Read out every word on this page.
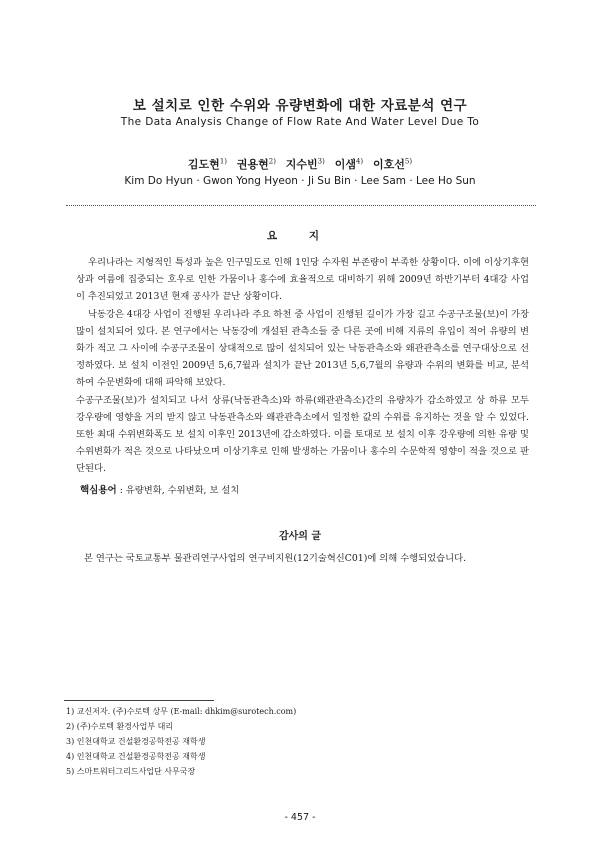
보 설치로 인한 수위와 유량변화에 대한 자료분석 연구
The Data Analysis Change of Flow Rate And Water Level Due To
김도현$^{1)}$ 권용현$^{2)}$ 지수빈$^{3)}$ 이샘$^{4)}$ 이호선$^{5)}$
Kim Do Hyun · Gwon Yong Hyeon · Ji Su Bin · Lee Sam · Lee Ho Sun
요 지

우리나라는 지형적인 특성과 높은 인구밀도로 인해 1인당 수자원 부존량이 부족한 상황이다. 이에 이상기후현상과 여름에 집중되는 호우로 인한 가뭄이나 홍수에 효율적으로 대비하기 위해 2009년 하반기부터 4대강 사업이 추진되었고 2013년 현재 공사가 끝난 상황이다.

낙동강은 4대강 사업이 진행된 우리나라 주요 하천 중 사업이 진행된 길이가 가장 길고 수공구조물(보)이 가장 많이 설치되어 있다. 본 연구에서는 낙동강에 개설된 관측소들 중 다른 곳에 비해 지류의 유입이 적어 유량의 변화가 적고 그 사이에 수공구조물이 상대적으로 많이 설치되어 있는 낙동관측소와 왜관관측소를 연구대상으로 선정하였다. 보 설치 이전인 2009년 5,6,7월과 설치가 끝난 2013년 5,6,7월의 유량과 수위의 변화를 비교, 분석하여 수문변화에 대해 파악해 보았다.

수공구조물(보)가 설치되고 나서 상류(낙동관측소)와 하류(왜관관측소)간의 유량차가 감소하였고 상 하류 모두 강우량에 영향을 거의 받지 않고 낙동관측소와 왜관관측소에서 일정한 값의 수위를 유지하는 것을 알 수 있었다. 또한 최대 수위변화폭도 보 설치 이후인 2013년에 감소하였다. 이를 토대로 보 설치 이후 강우량에 의한 유량 및 수위변화가 적은 것으로 나타났으며 이상기후로 인해 발생하는 가뭄이나 홍수의 수문학적 영향이 적을 것으로 판단된다.

핵심용어 : 유량변화, 수위변화, 보 설치
감사의 글
본 연구는 국토교통부 물관리연구사업의 연구비지원(12기술혁신C01)에 의해 수행되었습니다.
1) 교신저자. (주)수로텍 상무 (E-mail: dhkim@surotech.com)
2) (주)수로텍 환경사업부 대리
3) 인천대학교 건설환경공학전공 재학생
4) 인천대학교 건설환경공학전공 재학생
5) 스마트워터그리드사업단 사무국장
- 457 -
